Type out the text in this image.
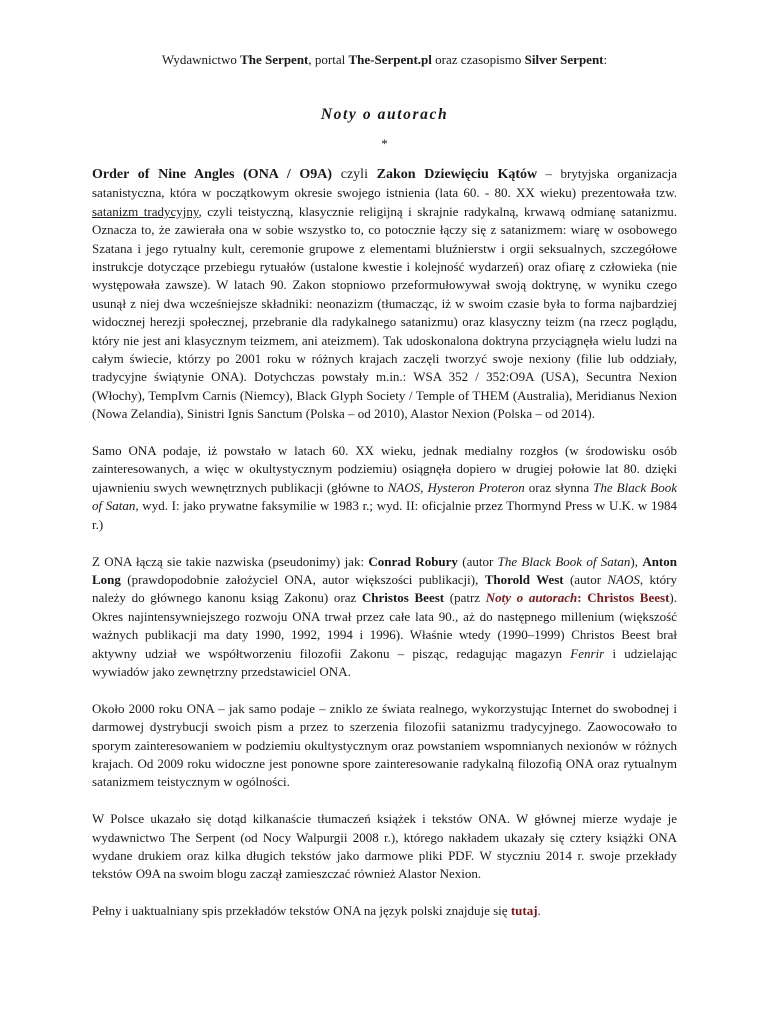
Wydawnictwo The Serpent, portal The-Serpent.pl oraz czasopismo Silver Serpent:

Noty o autorach
*

Order of Nine Angles (ONA / O9A) czyli Zakon Dziewięciu Kątów – brytyjska organizacja satanistyczna, która w początkowym okresie swojego istnienia (lata 60. - 80. XX wieku) prezentowała tzw. satanizm tradycyjny, czyli teistyczną, klasycznie religijną i skrajnie radykalną, krwawą odmianę satanizmu. Oznacza to, że zawierała ona w sobie wszystko to, co potocznie łączy się z satanizmem: wiarę w osobowego Szatana i jego rytualny kult, ceremonie grupowe z elementami bluźnierstw i orgii seksualnych, szczegółowe instrukcje dotyczące przebiegu rytuałów (ustalone kwestie i kolejność wydarzeń) oraz ofiarę z człowieka (nie występowała zawsze). W latach 90. Zakon stopniowo przeformułowywał swoją doktrynę, w wyniku czego usunął z niej dwa wcześniejsze składniki: neonazizm (tłumacząc, iż w swoim czasie była to forma najbardziej widocznej herezji społecznej, przebranie dla radykalnego satanizmu) oraz klasyczny teizm (na rzecz poglądu, który nie jest ani klasycznym teizmem, ani ateizmem). Tak udoskonalona doktryna przyciągnęła wielu ludzi na całym świecie, którzy po 2001 roku w różnych krajach zaczęli tworzyć swoje nexiony (filie lub oddziały, tradycyjne świątynie ONA). Dotychczas powstały m.in.: WSA 352 / 352:O9A (USA), Secuntra Nexion (Włochy), TempIvm Carnis (Niemcy), Black Glyph Society / Temple of THEM (Australia), Meridianus Nexion (Nowa Zelandia), Sinistri Ignis Sanctum (Polska – od 2010), Alastor Nexion (Polska – od 2014).

Samo ONA podaje, iż powstało w latach 60. XX wieku, jednak medialny rozgłos (w środowisku osób zainteresowanych, a więc w okultystycznym podziemiu) osiągnęła dopiero w drugiej połowie lat 80. dzięki ujawnieniu swych wewnętrznych publikacji (główne to NAOS, Hysteron Proteron oraz słynna The Black Book of Satan, wyd. I: jako prywatne faksymilie w 1983 r.; wyd. II: oficjalnie przez Thormynd Press w U.K. w 1984 r.)

Z ONA łączą sie takie nazwiska (pseudonimy) jak: Conrad Robury (autor The Black Book of Satan), Anton Long (prawdopodobnie założyciel ONA, autor większości publikacji), Thorold West (autor NAOS, który należy do głównego kanonu ksiąg Zakonu) oraz Christos Beest (patrz Noty o autorach: Christos Beest). Okres najintensywniejszego rozwoju ONA trwał przez całe lata 90., aż do następnego millenium (większość ważnych publikacji ma daty 1990, 1992, 1994 i 1996). Właśnie wtedy (1990–1999) Christos Beest brał aktywny udział we współtworzeniu filozofii Zakonu – pisząc, redagując magazyn Fenrir i udzielając wywiadów jako zewnętrzny przedstawiciel ONA.

Około 2000 roku ONA – jak samo podaje – zniklo ze świata realnego, wykorzystując Internet do swobodnej i darmowej dystrybucji swoich pism a przez to szerzenia filozofii satanizmu tradycyjnego. Zaowocowało to sporym zainteresowaniem w podziemiu okultystycznym oraz powstaniem wspomnianych nexionów w różnych krajach. Od 2009 roku widoczne jest ponowne spore zainteresowanie radykalną filozofią ONA oraz rytualnym satanizmem teistycznym w ogólności.

W Polsce ukazało się dotąd kilkanaście tłumaczeń książek i tekstów ONA. W głównej mierze wydaje je wydawnictwo The Serpent (od Nocy Walpurgii 2008 r.), którego nakładem ukazały się cztery książki ONA wydane drukiem oraz kilka długich tekstów jako darmowe pliki PDF. W styczniu 2014 r. swoje przekłady tekstów O9A na swoim blogu zaczął zamieszczać również Alastor Nexion.

Pełny i uaktualniany spis przekładów tekstów ONA na język polski znajduje się tutaj.
